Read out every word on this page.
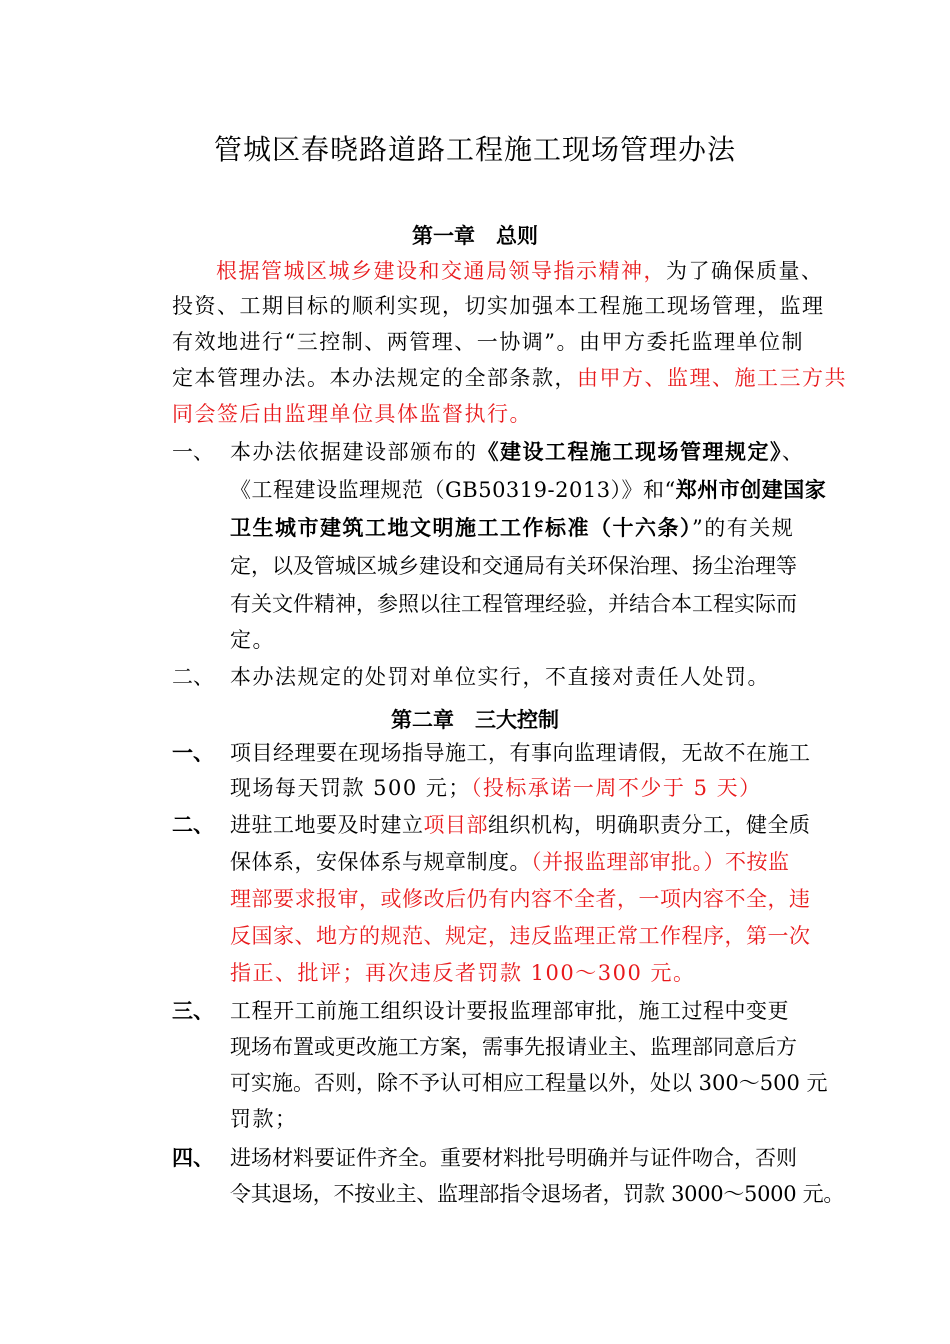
管城区春晓路道路工程施工现场管理办法
第一章　总则

根据管城区城乡建设和交通局领导指示精神，为了确保质量、

投资、工期目标的顺利实现，切实加强本工程施工现场管理，监理

有效地进行“三控制、两管理、一协调”。由甲方委托监理单位制

定本管理办法。本办法规定的全部条款，由甲方、监理、施工三方共

同会签后由监理单位具体监督执行。

一、 本办法依据建设部颁布的《建设工程施工现场管理规定》、

《工程建设监理规范（GB50319-2013）》和“郑州市创建国家

卫生城市建筑工地文明施工工作标准（十六条）”的有关规

定，以及管城区城乡建设和交通局有关环保治理、扬尘治理等

有关文件精神，参照以往工程管理经验，并结合本工程实际而

定。

二、 本办法规定的处罚对单位实行，不直接对责任人处罚。

第二章　三大控制
一、 项目经理要在现场指导施工，有事向监理请假，无故不在施工

现场每天罚款 500 元；（投标承诺一周不少于 5 天）

二、 进驻工地要及时建立项目部组织机构，明确职责分工，健全质

保体系，安保体系与规章制度。（并报监理部审批。）不按监

理部要求报审，或修改后仍有内容不全者，一项内容不全，违

反国家、地方的规范、规定，违反监理正常工作程序，第一次

指正、批评；再次违反者罚款 100～300 元。

三、 工程开工前施工组织设计要报监理部审批，施工过程中变更

现场布置或更改施工方案，需事先报请业主、监理部同意后方

可实施。否则，除不予认可相应工程量以外，处以 300～500 元

罚款；

四、 进场材料要证件齐全。重要材料批号明确并与证件吻合，否则

令其退场，不按业主、监理部指令退场者，罚款 3000～5000 元。
